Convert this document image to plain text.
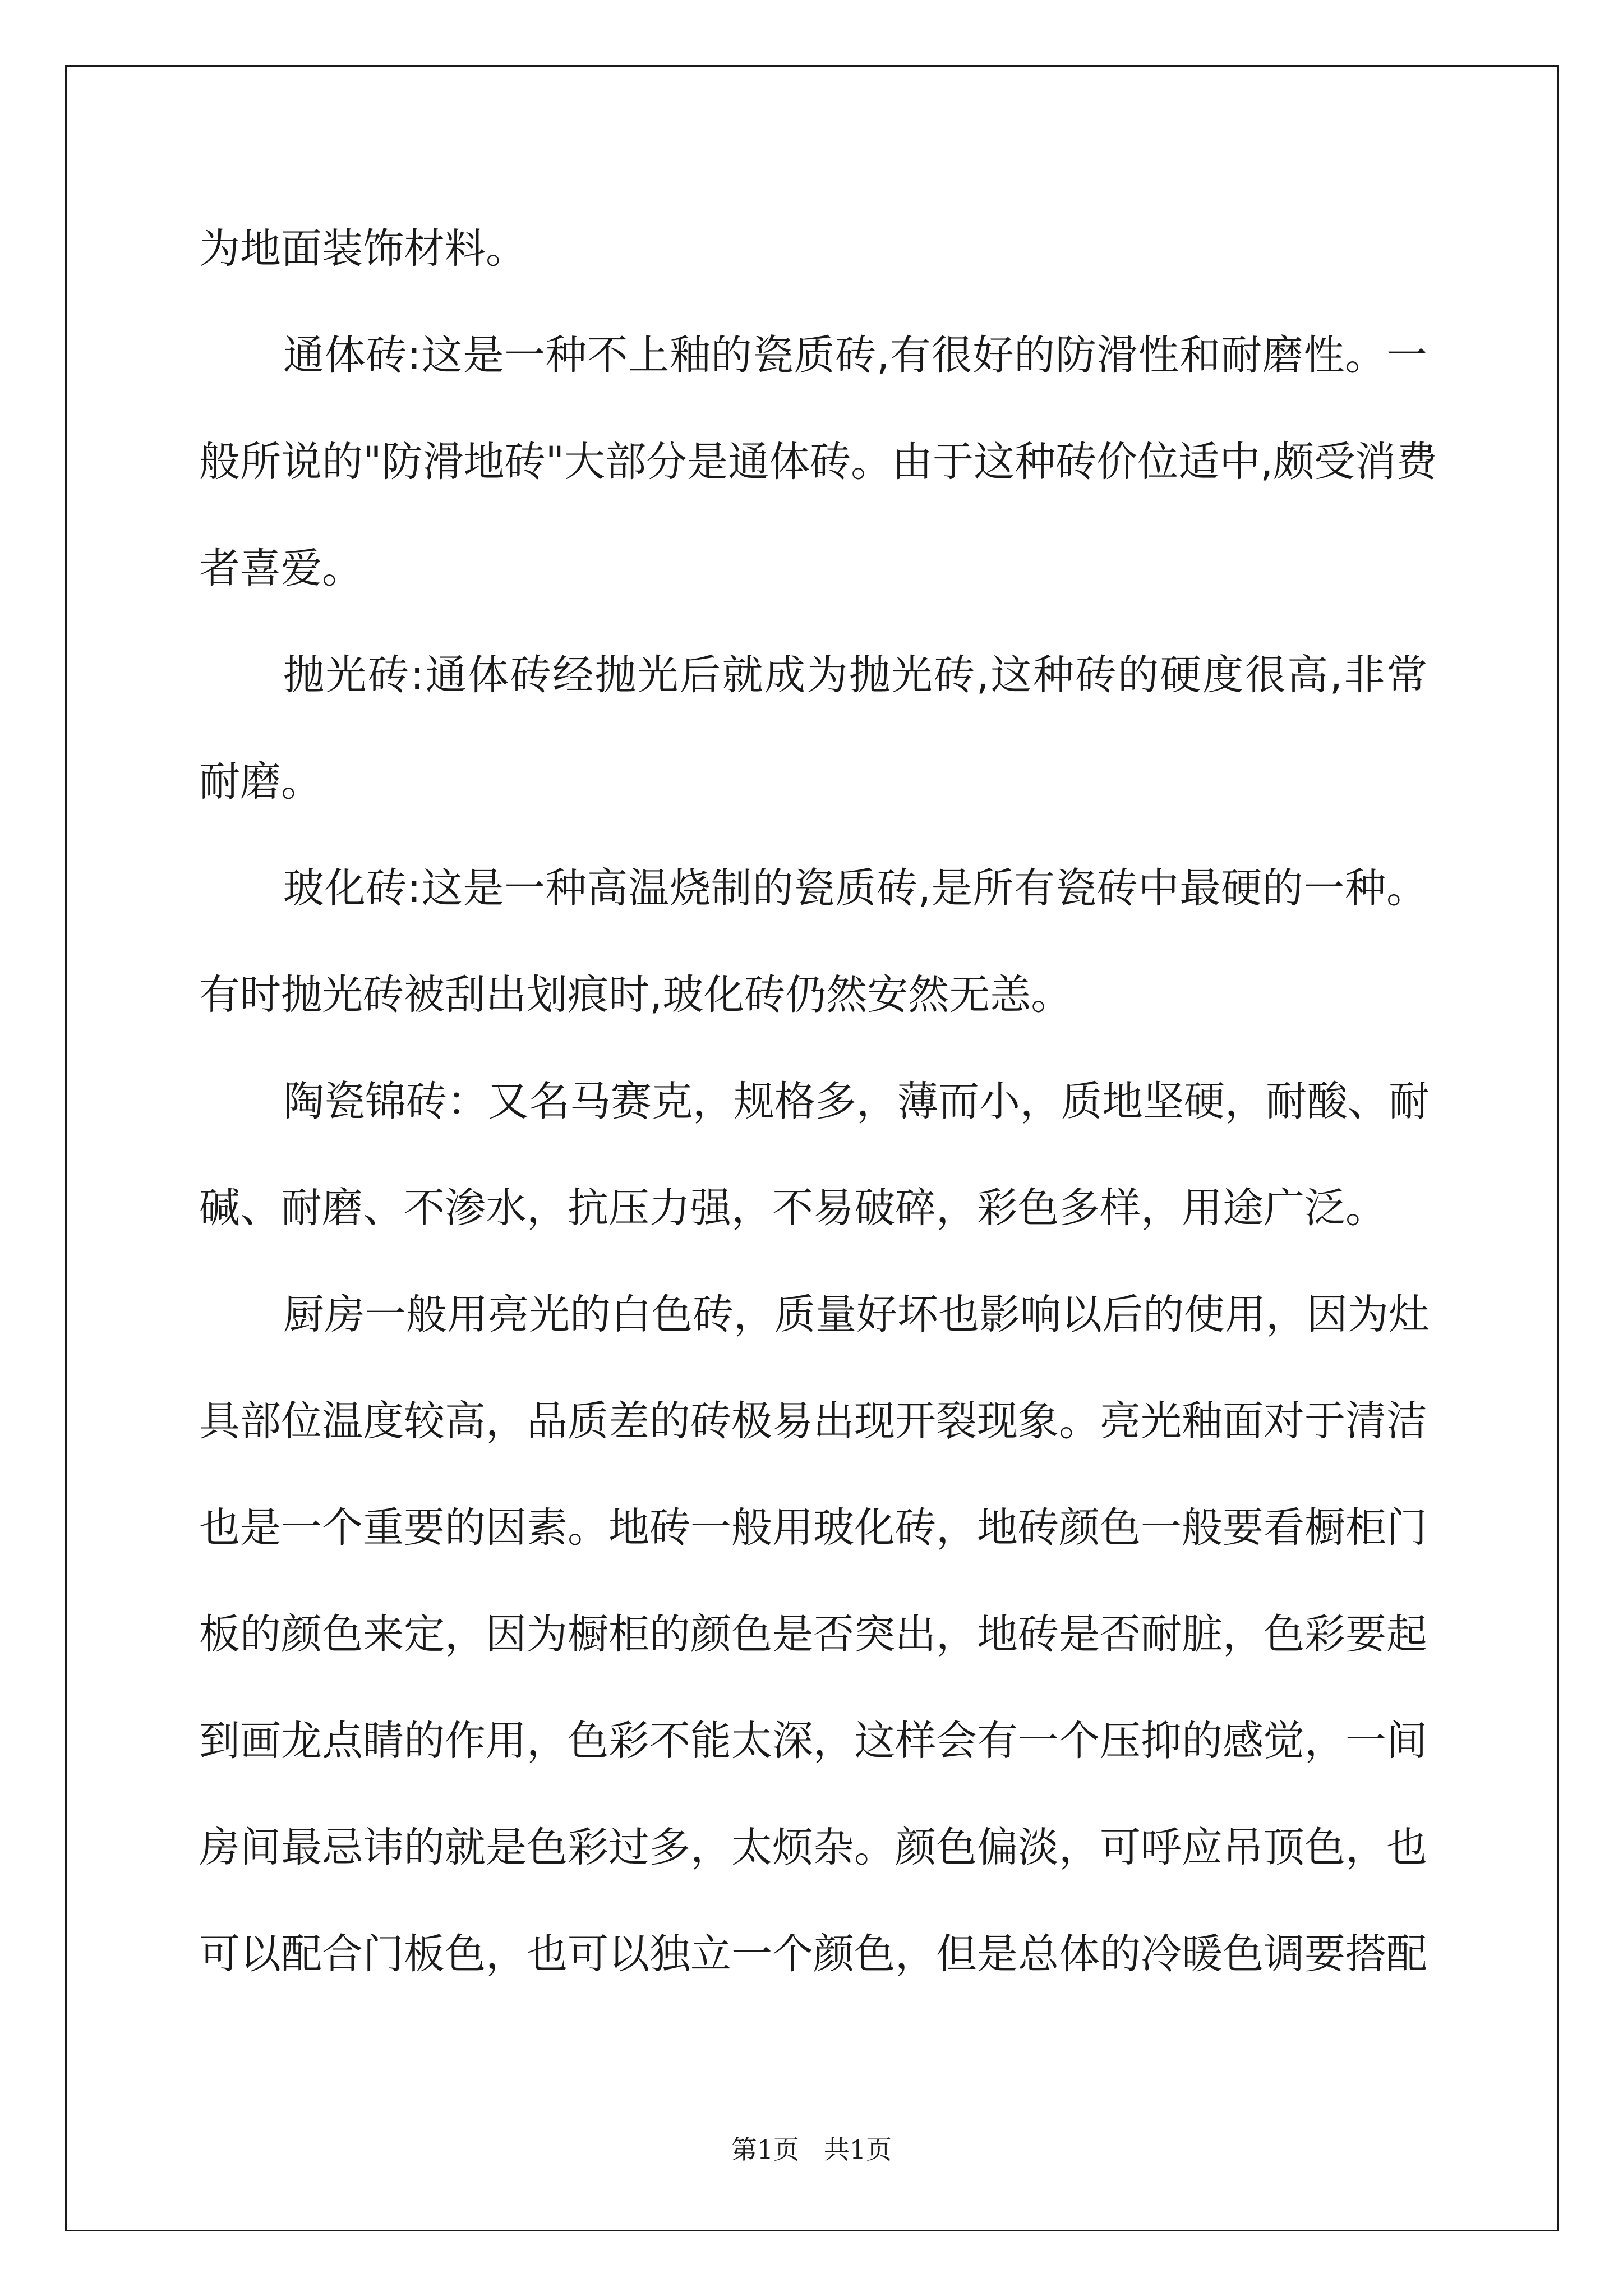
为地面装饰材料。
通体砖:这是一种不上釉的瓷质砖,有很好的防滑性和耐磨性。一
般所说的"防滑地砖"大部分是通体砖。由于这种砖价位适中,颇受消费
者喜爱。
抛光砖:通体砖经抛光后就成为抛光砖,这种砖的硬度很高,非常
耐磨。
玻化砖:这是一种高温烧制的瓷质砖,是所有瓷砖中最硬的一种。
有时抛光砖被刮出划痕时,玻化砖仍然安然无恙。
陶瓷锦砖：又名马赛克，规格多，薄而小，质地坚硬，耐酸、耐
碱、耐磨、不渗水，抗压力强，不易破碎，彩色多样，用途广泛。
厨房一般用亮光的白色砖，质量好坏也影响以后的使用，因为灶
具部位温度较高，品质差的砖极易出现开裂现象。亮光釉面对于清洁
也是一个重要的因素。地砖一般用玻化砖，地砖颜色一般要看橱柜门
板的颜色来定，因为橱柜的颜色是否突出，地砖是否耐脏，色彩要起
到画龙点睛的作用，色彩不能太深，这样会有一个压抑的感觉，一间
房间最忌讳的就是色彩过多，太烦杂。颜色偏淡，可呼应吊顶色，也
可以配合门板色，也可以独立一个颜色，但是总体的冷暖色调要搭配
第1页   共1页
